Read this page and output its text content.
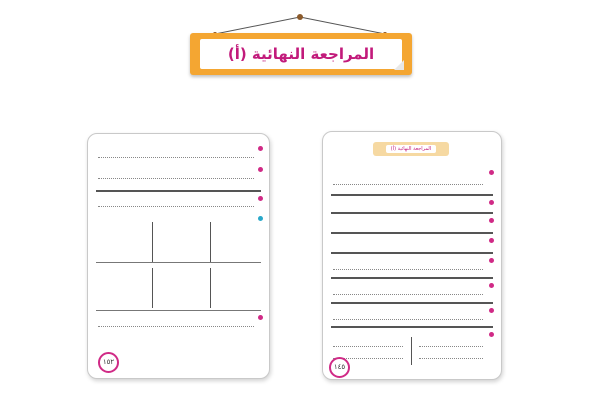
المراجعة النهائية (أ)
١٥٢
المراجعة النهائية (أ)
١٤٥
